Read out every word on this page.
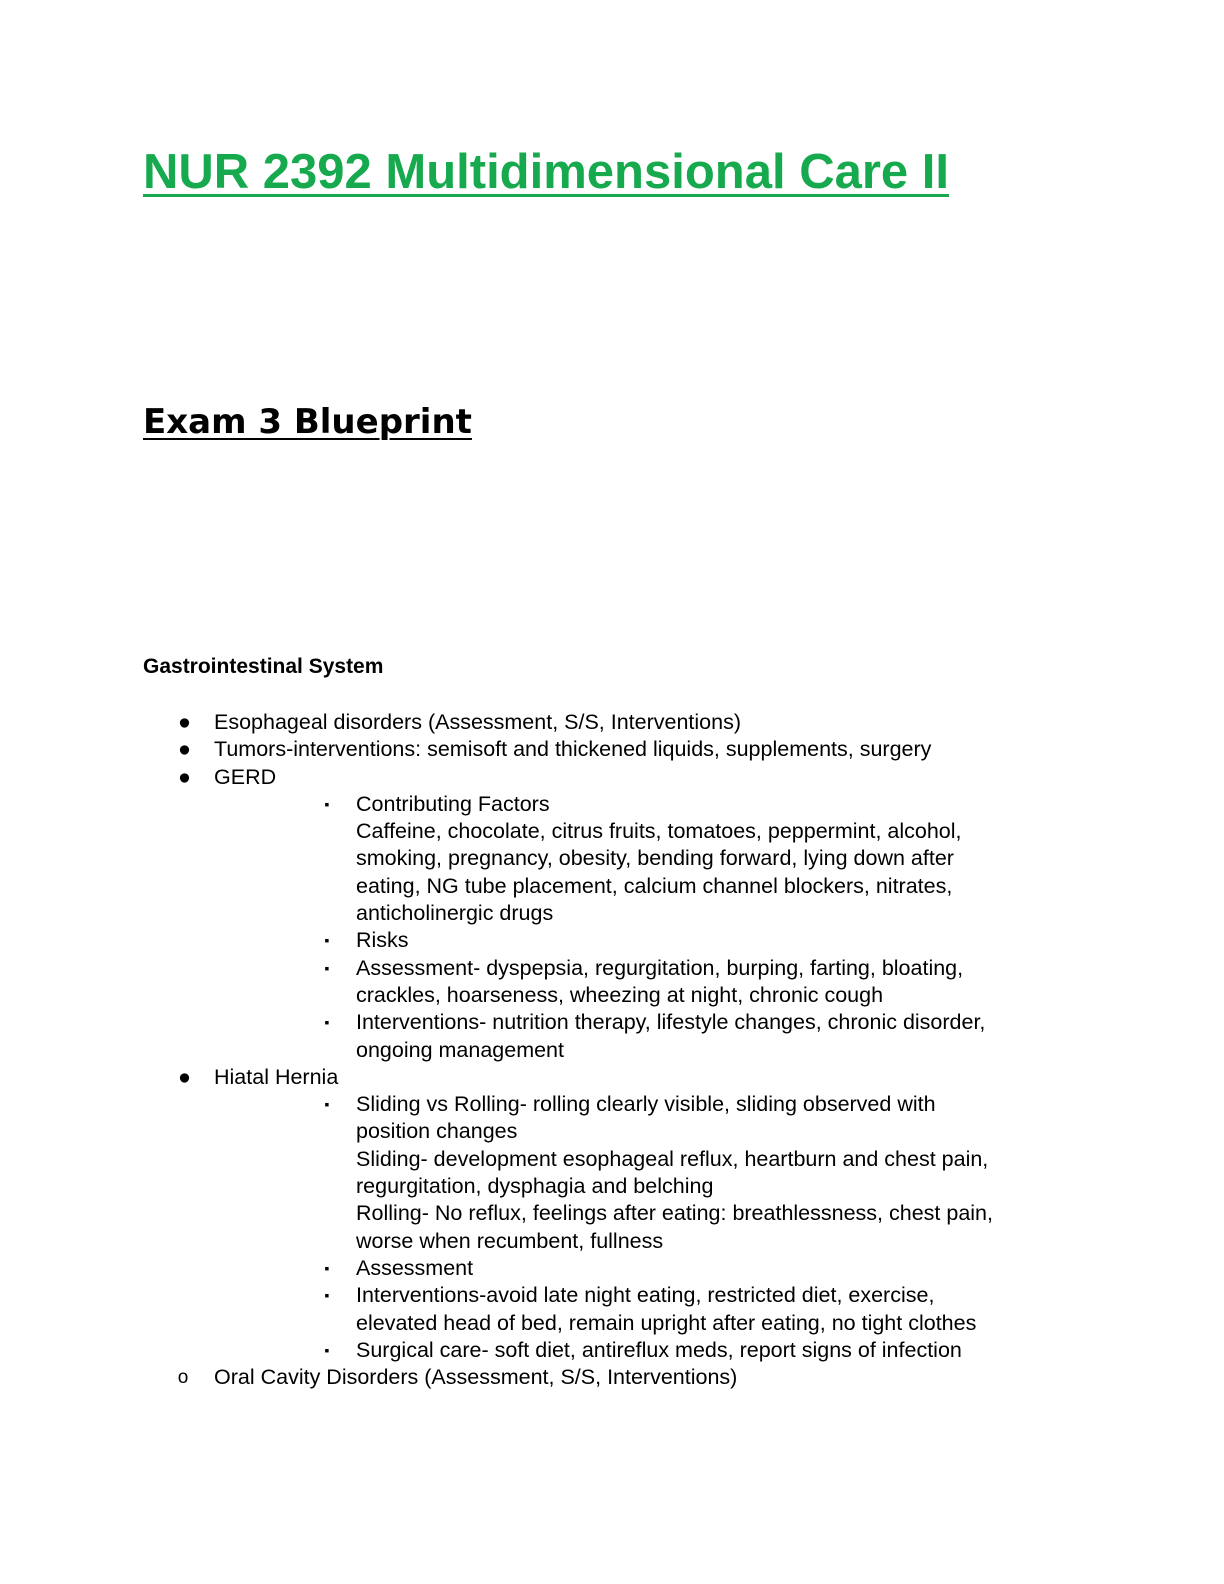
NUR 2392 Multidimensional Care II
Exam 3 Blueprint
Gastrointestinal System
● Esophageal disorders (Assessment, S/S, Interventions)
● Tumors-interventions: semisoft and thickened liquids, supplements, surgery
● GERD
▪ Contributing Factors
Caffeine, chocolate, citrus fruits, tomatoes, peppermint, alcohol,
smoking, pregnancy, obesity, bending forward, lying down after
eating, NG tube placement, calcium channel blockers, nitrates,
anticholinergic drugs
▪ Risks
▪ Assessment- dyspepsia, regurgitation, burping, farting, bloating,
crackles, hoarseness, wheezing at night, chronic cough
▪ Interventions- nutrition therapy, lifestyle changes, chronic disorder,
ongoing management
● Hiatal Hernia
▪ Sliding vs Rolling- rolling clearly visible, sliding observed with
position changes
Sliding- development esophageal reflux, heartburn and chest pain,
regurgitation, dysphagia and belching
Rolling- No reflux, feelings after eating: breathlessness, chest pain,
worse when recumbent, fullness
▪ Assessment
▪ Interventions-avoid late night eating, restricted diet, exercise,
elevated head of bed, remain upright after eating, no tight clothes
▪ Surgical care- soft diet, antireflux meds, report signs of infection
o Oral Cavity Disorders (Assessment, S/S, Interventions)
